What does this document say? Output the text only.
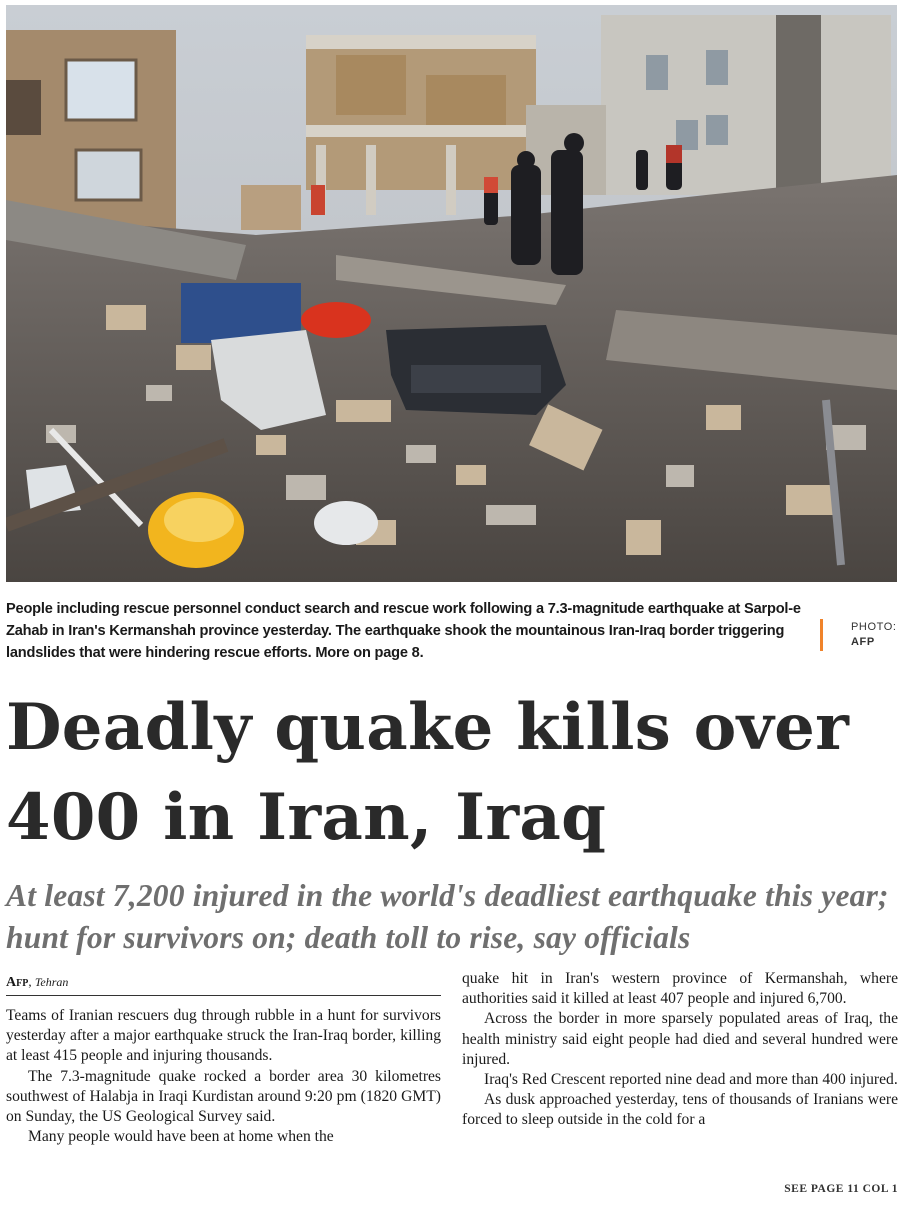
People including rescue personnel conduct search and rescue work following a 7.3-magnitude earthquake at Sarpol-e Zahab in Iran's Kermanshah province yesterday. The earthquake shook the mountainous Iran-Iraq border triggering landslides that were hindering rescue efforts. More on page 8.
PHOTO:
AFP
Deadly quake kills over 400 in Iran, Iraq
At least 7,200 injured in the world's deadliest earthquake this year; hunt for survivors on; death toll to rise, say officials
Afp, Tehran

Teams of Iranian rescuers dug through rubble in a hunt for survivors yesterday after a major earthquake struck the Iran-Iraq border, killing at least 415 people and injuring thousands.

The 7.3-magnitude quake rocked a border area 30 kilometres southwest of Halabja in Iraqi Kurdistan around 9:20 pm (1820 GMT) on Sunday, the US Geological Survey said.

Many people would have been at home when the

quake hit in Iran's western province of Kermanshah, where authorities said it killed at least 407 people and injured 6,700.

Across the border in more sparsely populated areas of Iraq, the health ministry said eight people had died and several hundred were injured.

Iraq's Red Crescent reported nine dead and more than 400 injured.

As dusk approached yesterday, tens of thousands of Iranians were forced to sleep outside in the cold for a

SEE PAGE 11 COL 1
